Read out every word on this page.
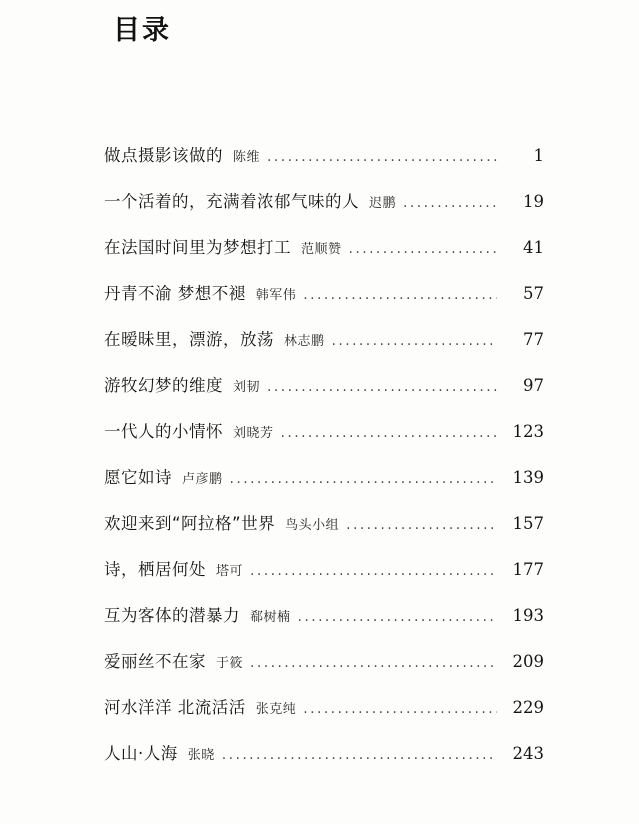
目录
做点摄影该做的 陈维 .....	1
一个活着的，充满着浓郁气味的人 迟鹏 .....	19
在法国时间里为梦想打工 范顺赞 .....	41
丹青不渝 梦想不褪 韩军伟 .....	57
在暧昧里，漂游，放荡 林志鹏 .....	77
游牧幻梦的维度 刘韧 .....	97
一代人的小情怀 刘晓芳 .....	123
愿它如诗 卢彦鹏 .....	139
欢迎来到“阿拉格”世界 鸟头小组 .....	157
诗，栖居何处 塔可 .....	177
互为客体的潜暴力 郗树楠 .....	193
爱丽丝不在家 于筱 .....	209
河水洋洋 北流活活 张克纯 .....	229
人山·人海 张晓 .....	243
